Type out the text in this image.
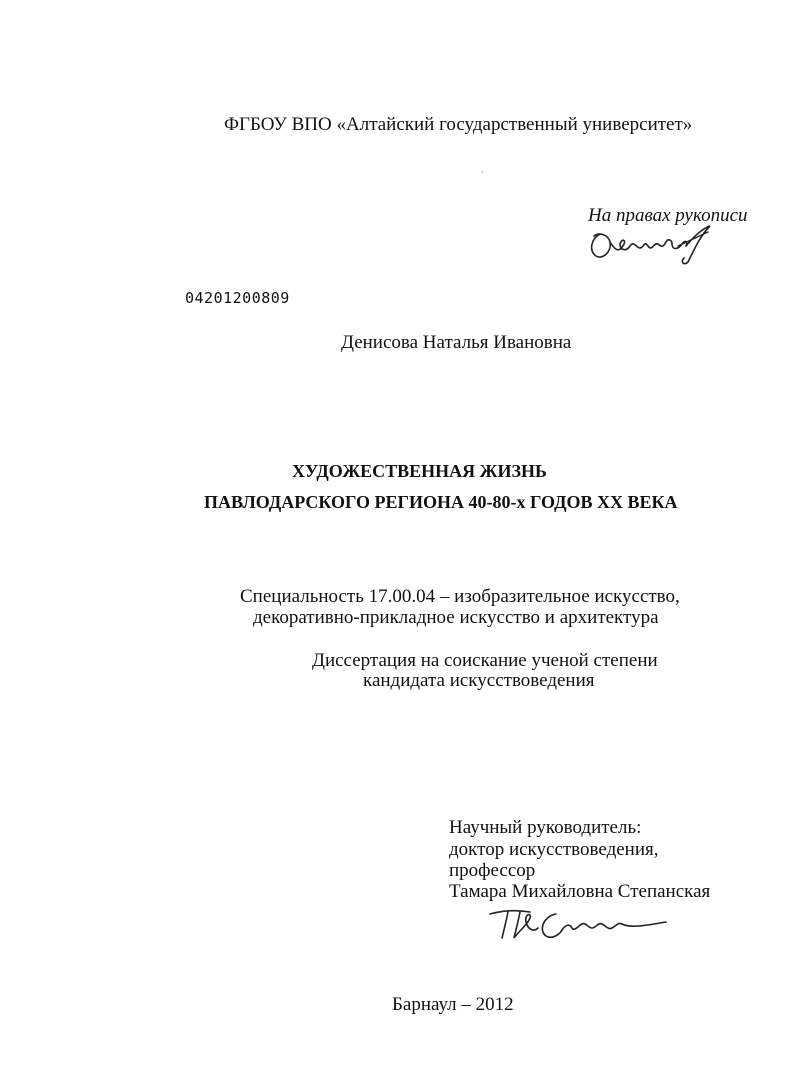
ФГБОУ ВПО «Алтайский государственный университет»
`
На правах рукописи
04201200809
Денисова Наталья Ивановна
ХУДОЖЕСТВЕННАЯ ЖИЗНЬ
ПАВЛОДАРСКОГО РЕГИОНА 40-80-х ГОДОВ ХХ ВЕКА
Специальность 17.00.04 – изобразительное искусство,
декоративно-прикладное искусство и архитектура
Диссертация на соискание ученой степени
кандидата искусствоведения
Научный руководитель:
доктор искусствоведения,
профессор
Тамара Михайловна Степанская
Барнаул – 2012
